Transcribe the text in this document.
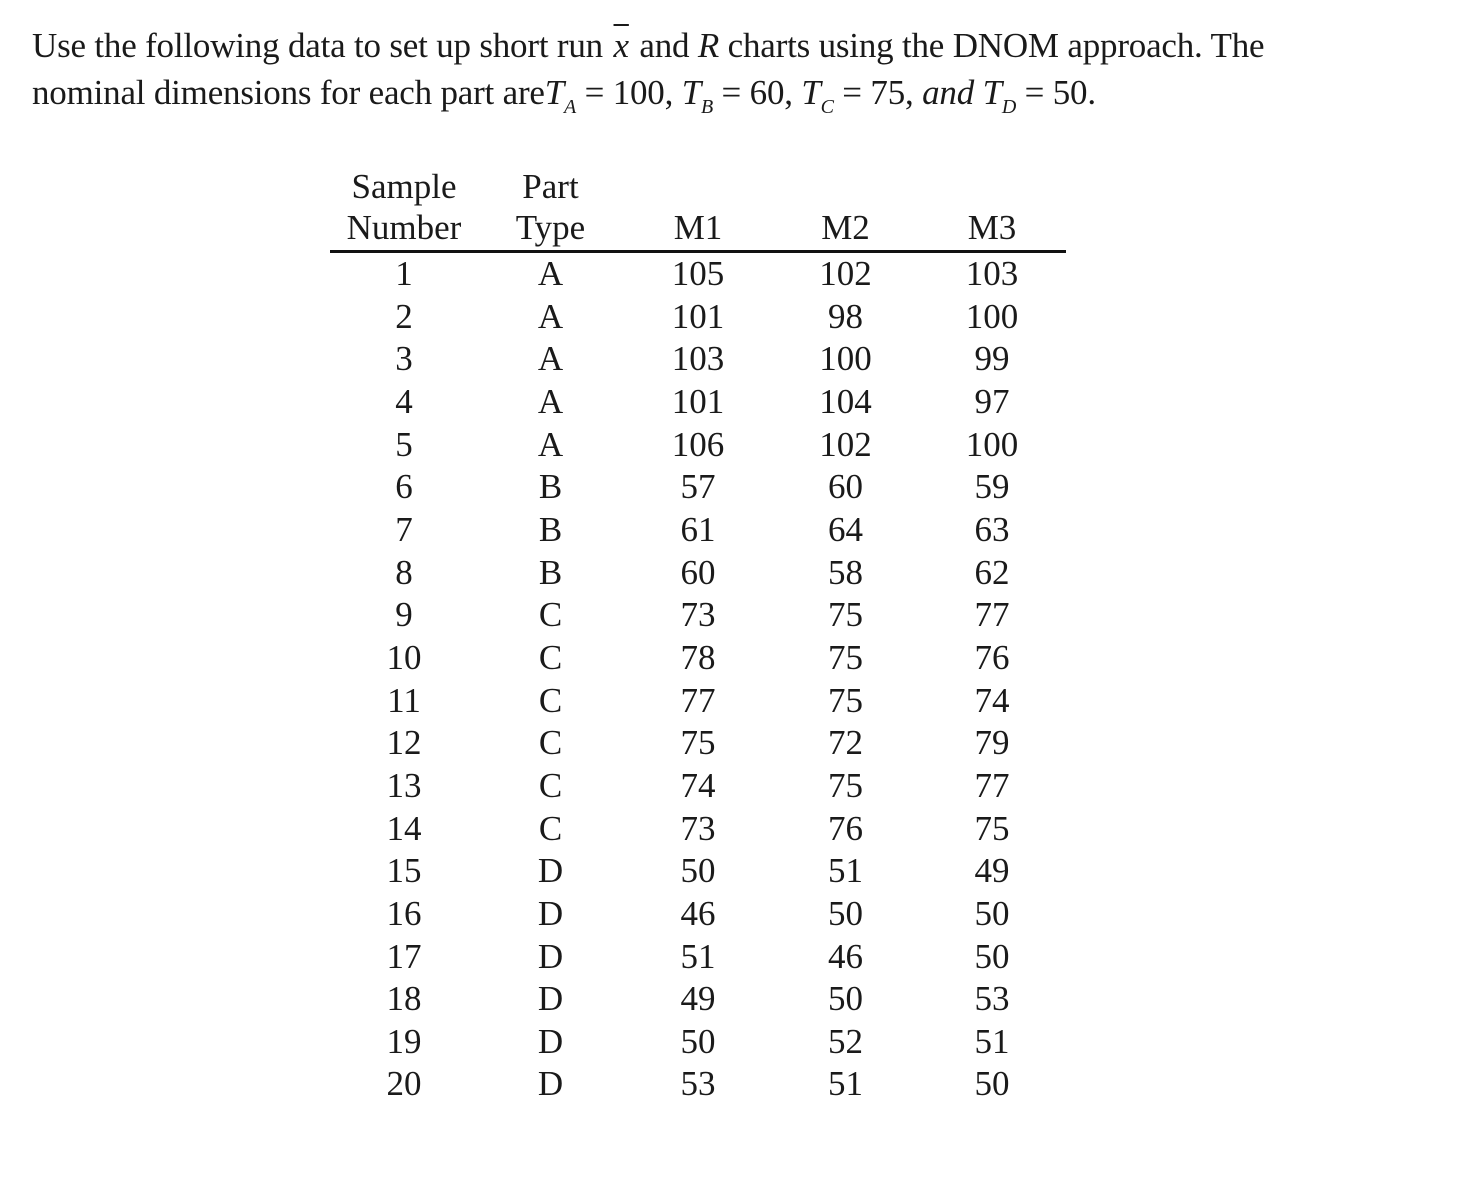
Use the following data to set up short run $\overline{x}$ and R charts using the DNOM approach. The
nominal dimensions for each part areT$_A$ = 100, $T_B = 60$, $T_C = 75$, and $T_D = 50$.
Sample	Part			
Number	Type	M1	M2	M3
1	A	105	102	103
2	A	101	98	100
3	A	103	100	99
4	A	101	104	97
5	A	106	102	100
6	B	57	60	59
7	B	61	64	63
8	B	60	58	62
9	C	73	75	77
10	C	78	75	76
11	C	77	75	74
12	C	75	72	79
13	C	74	75	77
14	C	73	76	75
15	D	50	51	49
16	D	46	50	50
17	D	51	46	50
18	D	49	50	53
19	D	50	52	51
20	D	53	51	50
